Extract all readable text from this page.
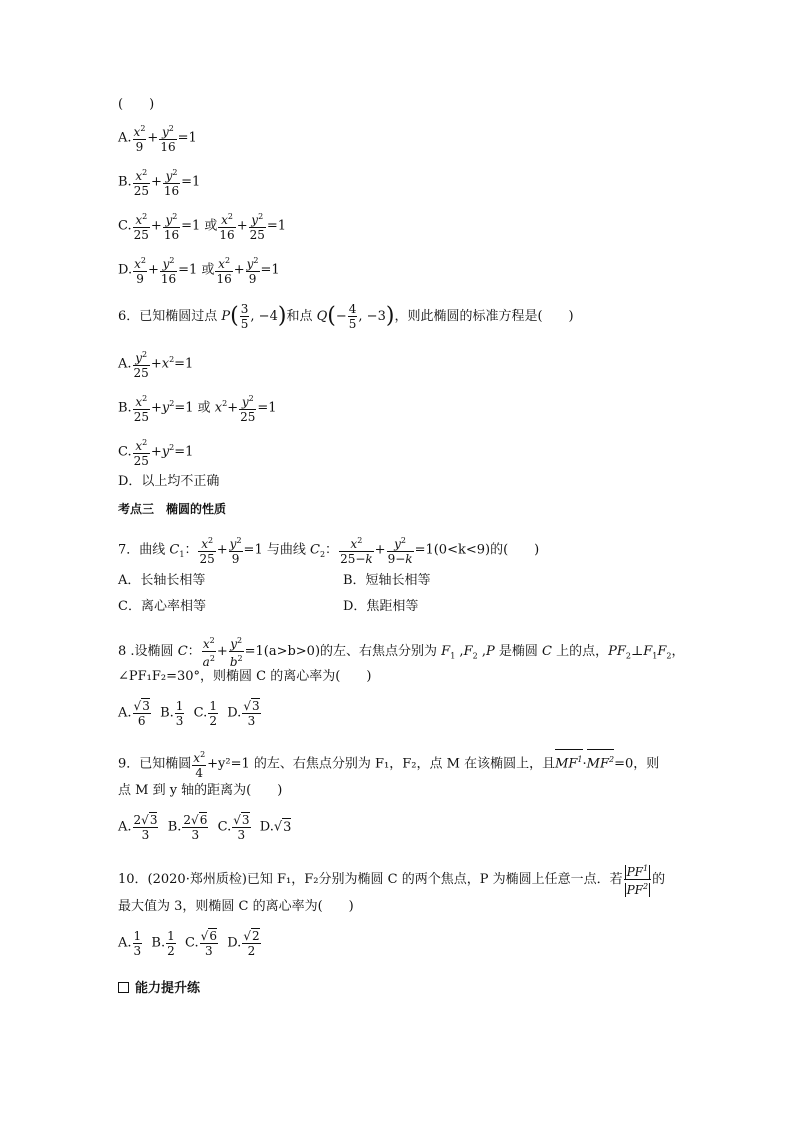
(　　)
A. $\frac{x^2}{9} + \frac{y^2}{16} =1$
B. $\frac{x^2}{25} + \frac{y^2}{16} =1$
C. $\frac{x^2}{25} + \frac{y^2}{16} =1$ 或 $\frac{x^2}{16} + \frac{y^2}{25} =1$
D. $\frac{x^2}{9} + \frac{y^2}{16} =1$ 或 $\frac{x^2}{16} + \frac{y^2}{9} =1$
6．已知椭圆过点 $P( \frac{3}{5}$ , −4)和点 $Q(- \frac{4}{5}$ , −3)，则此椭圆的标准方程是(　　)
A. $\frac{y^2}{25} +x^2=1$
B. $\frac{x^2}{25} +y^2=1$ 或 $x^2+ \frac{y^2}{25} =1$
C. $\frac{x^2}{25} +y^2=1$
D．以上均不正确
考点三　椭圆的性质
7．曲线 $C_1$： $\frac{x^2}{25} + \frac{y^2}{9} =1$ 与曲线 $C_2$： $\frac{x^2}{25-k} + \frac{y^2}{9-k} =1(0<k<9)$的(　　)
A．长轴长相等	B．短轴长相等
C．离心率相等	D．焦距相等
8 .设椭圆 C： $\frac{x^2}{a^2} + \frac{y^2}{b^2} =1(a>b>0)$的左、右焦点分别为 $F_1$ $,F_2$ ,P 是椭圆 C 上的点，$PF_2\perp F_1F_2$，
∠PF₁F₂=30°，则椭圆 C 的离心率为(　　)
A. $\frac{√3}{6} B$. $\frac{1}{3} C$. $\frac{1}{2} D$. $\frac{√3}{3}$
9．已知椭圆 $\frac{x^2}{4} +y^2=1$ 的左、右焦点分别为 F₁，F₂，点 M 在该椭圆上，且$MF^1\cdot MF^2=0$，则
点 M 到 y 轴的距离为(　　)
A. $\frac{2√3}{3} B$. $\frac{2√6}{3} C$. $\frac{√3}{3} D.√3$
10．(2020·郑州质检)已知 F₁，F₂分别为椭圆 C 的两个焦点，P 为椭圆上任意一点．若 $\frac{PF^1}{PF^2}$ 的
最大值为 3，则椭圆 C 的离心率为(　　)
A. $\frac{1}{3} B$. $\frac{1}{2} C$. $\frac{√6}{3} D$. $\frac{√2}{2}$
能力提升练
